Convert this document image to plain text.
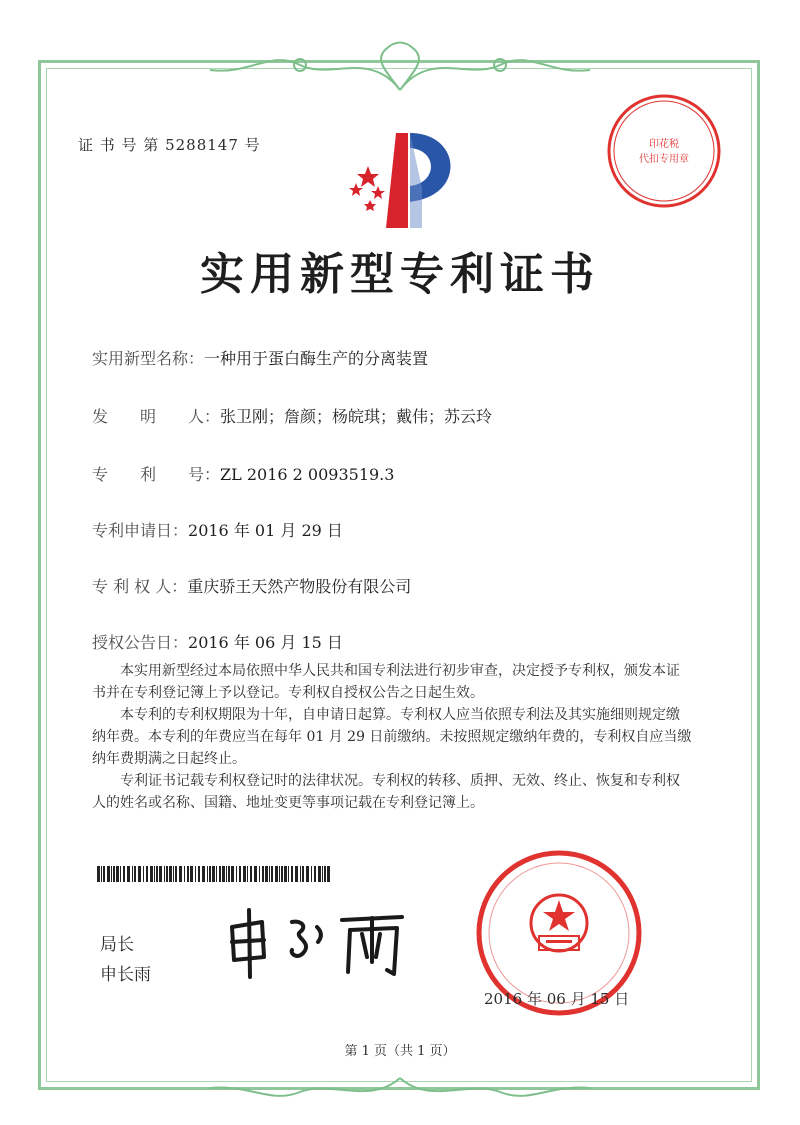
证 书 号 第 5288147 号	印花税
代扣专用章
实用新型专利证书
实用新型名称：一种用于蛋白酶生产的分离装置
发　　明　　人：张卫刚；詹颜；杨皖琪；戴伟；苏云玲
专　　利　　号：ZL 2016 2 0093519.3
专利申请日：2016 年 01 月 29 日
专 利 权 人：重庆骄王天然产物股份有限公司
授权公告日：2016 年 06 月 15 日

本实用新型经过本局依照中华人民共和国专利法进行初步审查，决定授予专利权，颁发本证书并在专利登记簿上予以登记。专利权自授权公告之日起生效。

本专利的专利权期限为十年，自申请日起算。专利权人应当依照专利法及其实施细则规定缴纳年费。本专利的年费应当在每年 01 月 29 日前缴纳。未按照规定缴纳年费的，专利权自应当缴纳年费期满之日起终止。

专利证书记载专利权登记时的法律状况。专利权的转移、质押、无效、终止、恢复和专利权人的姓名或名称、国籍、地址变更等事项记载在专利登记簿上。

局长
申长雨
2016 年 06 月 15 日
第 1 页（共 1 页）
